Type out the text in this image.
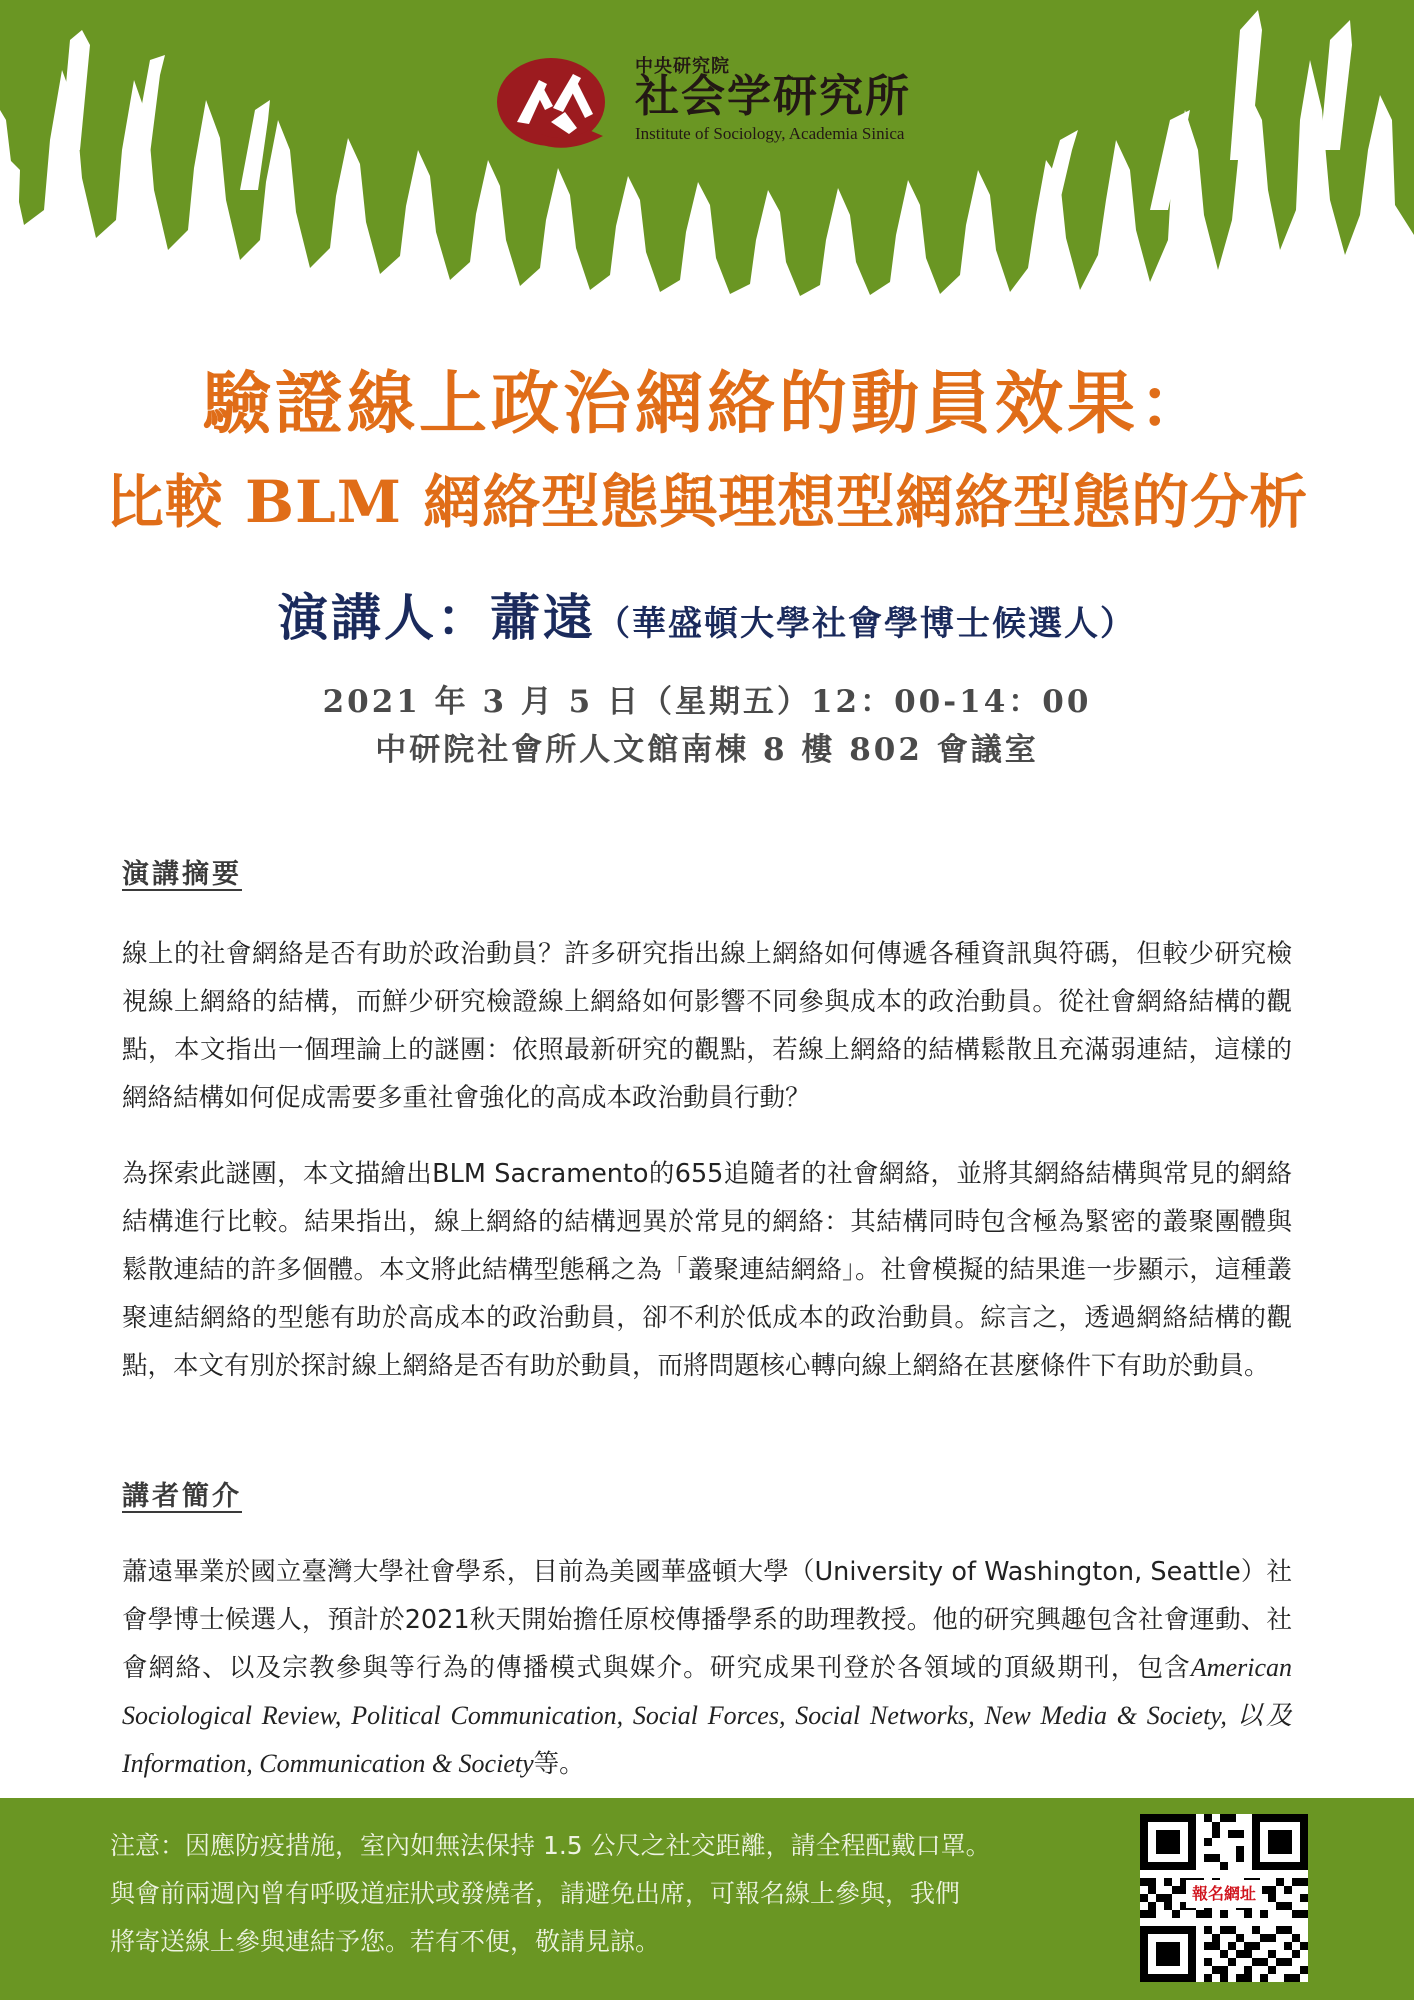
中央研究院
社会学研究所
Institute of Sociology, Academia Sinica
驗證線上政治網絡的動員效果：
比較 BLM 網絡型態與理想型網絡型態的分析
演講人：蕭遠（華盛頓大學社會學博士候選人）
2021 年 3 月 5 日（星期五）12：00-14：00
中研院社會所人文館南棟 8 樓 802 會議室
演講摘要

線上的社會網絡是否有助於政治動員？許多研究指出線上網絡如何傳遞各種資訊與符碼，但較少研究檢視線上網絡的結構，而鮮少研究檢證線上網絡如何影響不同參與成本的政治動員。從社會網絡結構的觀點，本文指出一個理論上的謎團：依照最新研究的觀點，若線上網絡的結構鬆散且充滿弱連結，這樣的網絡結構如何促成需要多重社會強化的高成本政治動員行動？

為探索此謎團，本文描繪出BLM Sacramento的655追隨者的社會網絡，並將其網絡結構與常見的網絡結構進行比較。結果指出，線上網絡的結構迥異於常見的網絡：其結構同時包含極為緊密的叢聚團體與鬆散連結的許多個體。本文將此結構型態稱之為「叢聚連結網絡」。社會模擬的結果進一步顯示，這種叢聚連結網絡的型態有助於高成本的政治動員，卻不利於低成本的政治動員。綜言之，透過網絡結構的觀點，本文有別於探討線上網絡是否有助於動員，而將問題核心轉向線上網絡在甚麼條件下有助於動員。

講者簡介

蕭遠畢業於國立臺灣大學社會學系，目前為美國華盛頓大學（University of Washington, Seattle）社會學博士候選人，預計於2021秋天開始擔任原校傳播學系的助理教授。他的研究興趣包含社會運動、社會網絡、以及宗教參與等行為的傳播模式與媒介。研究成果刊登於各領域的頂級期刊，包含American Sociological Review, Political Communication, Social Forces, Social Networks, New Media & Society, 以及 Information, Communication & Society等。

注意：因應防疫措施，室內如無法保持 1.5 公尺之社交距離，請全程配戴口罩。
與會前兩週內曾有呼吸道症狀或發燒者，請避免出席，可報名線上參與，我們
將寄送線上參與連結予您。若有不便，敬請見諒。

報名網址
